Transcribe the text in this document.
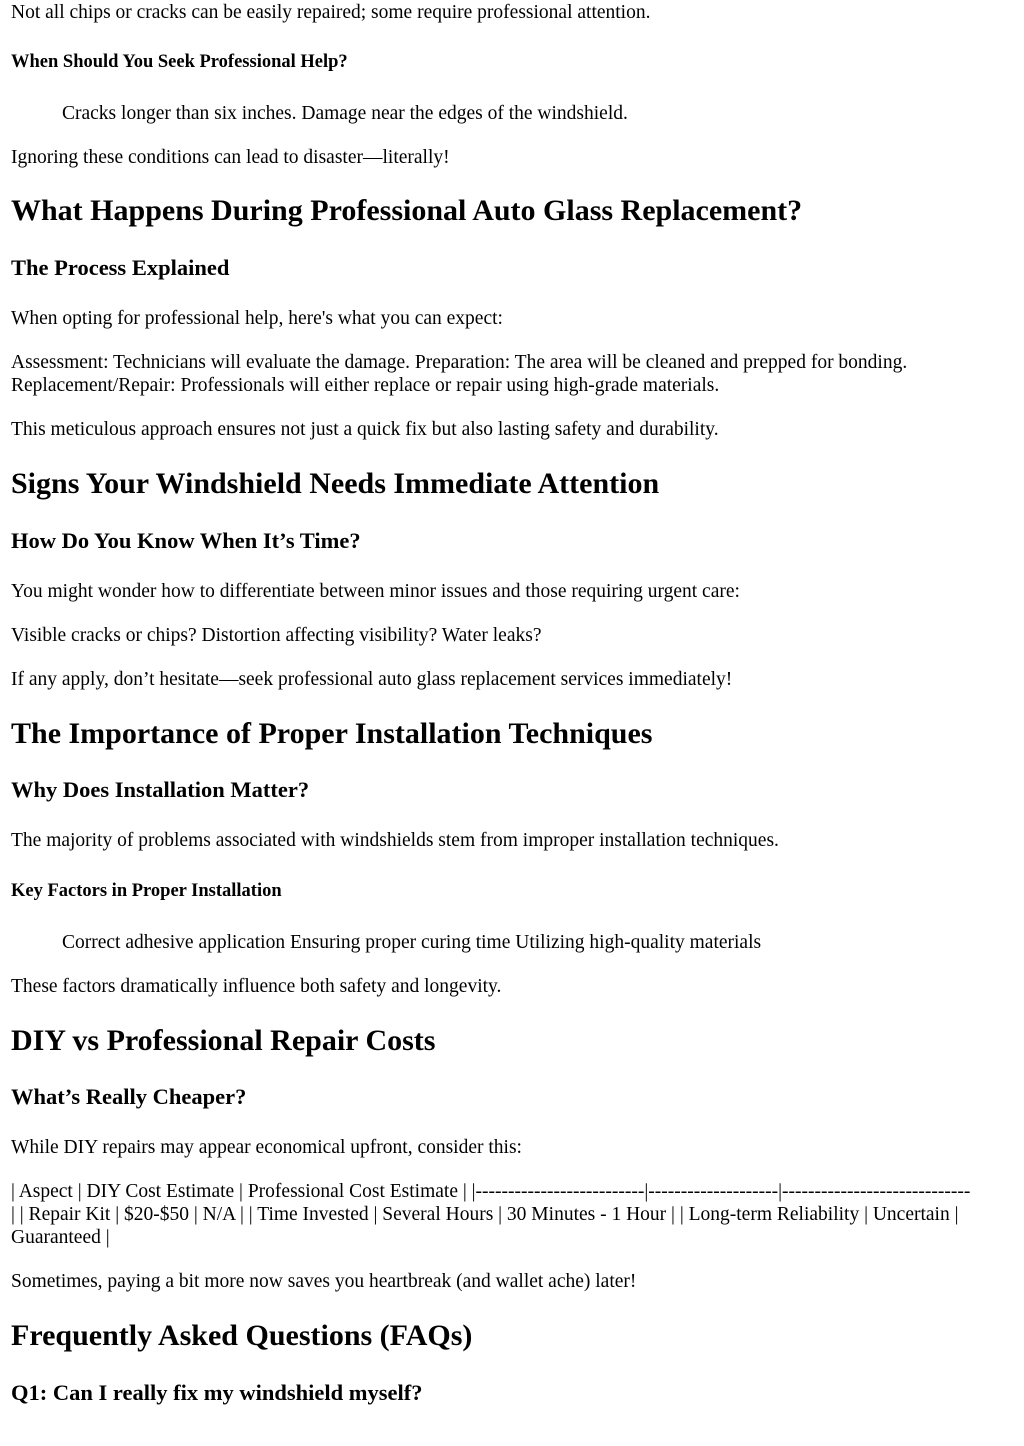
Not all chips or cracks can be easily repaired; some require professional attention.

When Should You Seek Professional Help?

Cracks longer than six inches. Damage near the edges of the windshield.

Ignoring these conditions can lead to disaster—literally!

What Happens During Professional Auto Glass Replacement?
The Process Explained

When opting for professional help, here's what you can expect:

Assessment: Technicians will evaluate the damage. Preparation: The area will be cleaned and prepped for bonding. Replacement/Repair: Professionals will either replace or repair using high-grade materials.

This meticulous approach ensures not just a quick fix but also lasting safety and durability.

Signs Your Windshield Needs Immediate Attention
How Do You Know When It’s Time?

You might wonder how to differentiate between minor issues and those requiring urgent care:

Visible cracks or chips? Distortion affecting visibility? Water leaks?

If any apply, don’t hesitate—seek professional auto glass replacement services immediately!

The Importance of Proper Installation Techniques
Why Does Installation Matter?

The majority of problems associated with windshields stem from improper installation techniques.

Key Factors in Proper Installation

Correct adhesive application Ensuring proper curing time Utilizing high-quality materials

These factors dramatically influence both safety and longevity.

DIY vs Professional Repair Costs
What’s Really Cheaper?

While DIY repairs may appear economical upfront, consider this:

| Aspect | DIY Cost Estimate | Professional Cost Estimate | |--------------------------|--------------------|-----------------------------

| | Repair Kit | $20-$50 | N/A | | Time Invested | Several Hours | 30 Minutes - 1 Hour | | Long-term Reliability | Uncertain |

Guaranteed |

Sometimes, paying a bit more now saves you heartbreak (and wallet ache) later!

Frequently Asked Questions (FAQs)
Q1: Can I really fix my windshield myself?
